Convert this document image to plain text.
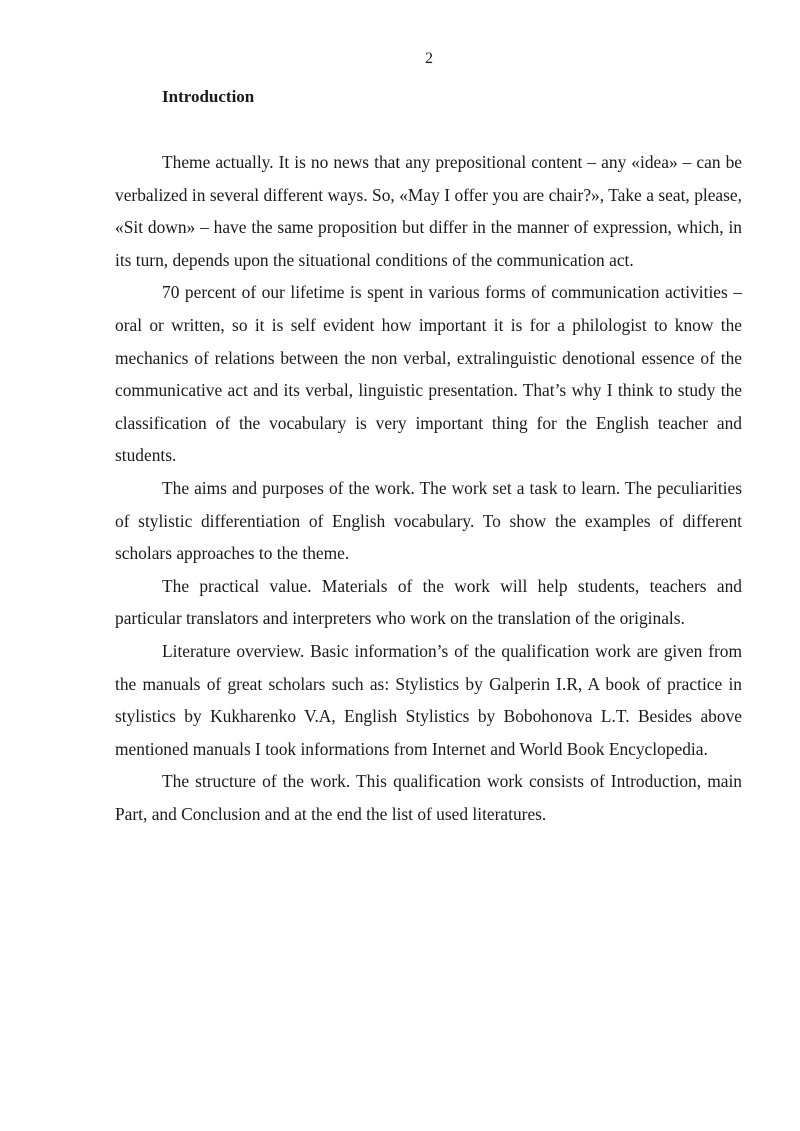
2
Introduction

Theme actually. It is no news that any prepositional content – any «idea» – can be verbalized in several different ways. So, «May I offer you are chair?», Take a seat, please, «Sit down» – have the same proposition but differ in the manner of expression, which, in its turn, depends upon the situational conditions of the communication act.

70 percent of our lifetime is spent in various forms of communication activities – oral or written, so it is self evident how important it is for a philologist to know the mechanics of relations between the non verbal, extralinguistic denotional essence of the communicative act and its verbal, linguistic presentation. That’s why I think to study the classification of the vocabulary is very important thing for the English teacher and students.

The aims and purposes of the work. The work set a task to learn. The peculiarities of stylistic differentiation of English vocabulary. To show the examples of different scholars approaches to the theme.

The practical value. Materials of the work will help students, teachers and particular translators and interpreters who work on the translation of the originals.

Literature overview. Basic information’s of the qualification work are given from the manuals of great scholars such as: Stylistics by Galperin I.R, A book of practice in stylistics by Kukharenko V.A, English Stylistics by Bobohonova L.T. Besides above mentioned manuals I took informations from Internet and World Book Encyclopedia.

The structure of the work. This qualification work consists of Introduction, main Part, and Conclusion and at the end the list of used literatures.
